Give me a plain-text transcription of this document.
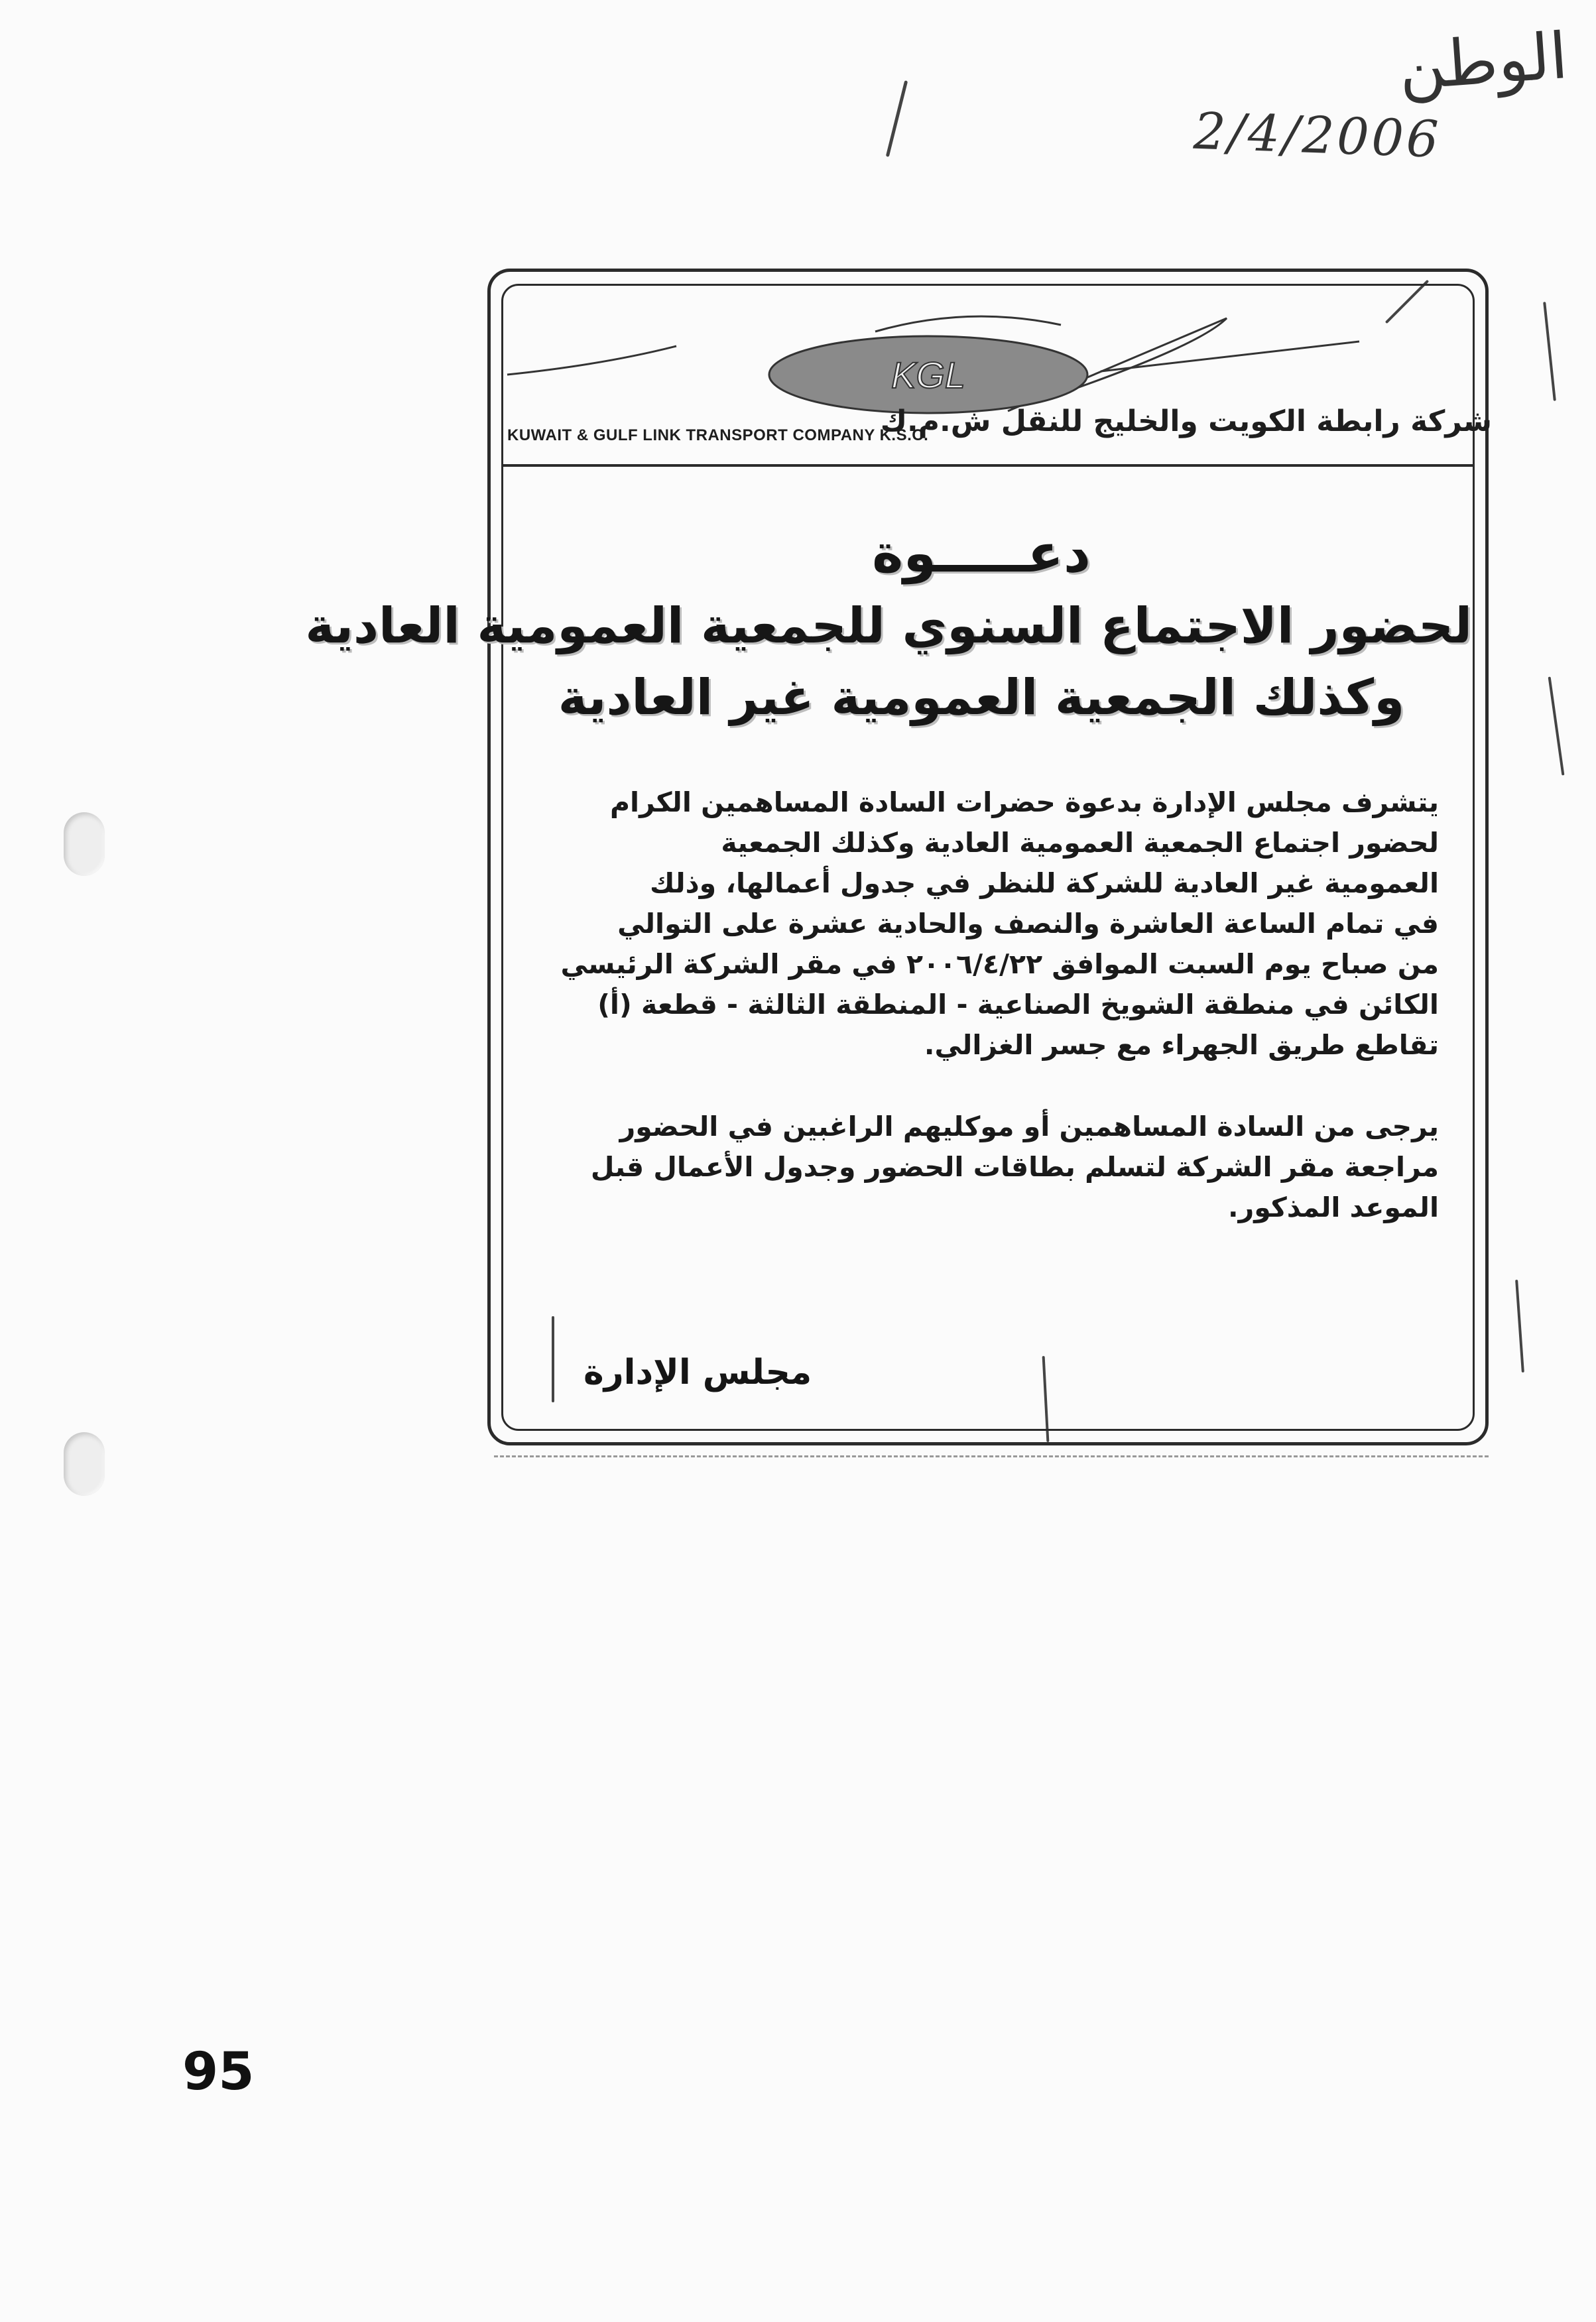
الوطن
2/4/2006
KGL
KUWAIT & GULF LINK TRANSPORT COMPANY K.S.C.
شركة رابطة الكويت والخليج للنقل ش.م.ك
دعـــــوة
لحضور الاجتماع السنوي للجمعية العمومية العادية
وكذلك الجمعية العمومية غير العادية

يتشرف مجلس الإدارة بدعوة حضرات السادة المساهمين الكرام

لحضور اجتماع الجمعية العمومية العادية وكذلك الجمعية

العمومية غير العادية للشركة للنظر في جدول أعمالها، وذلك

في تمام الساعة العاشرة والنصف والحادية عشرة على التوالي

من صباح يوم السبت الموافق ٢٠٠٦/٤/٢٢ في مقر الشركة الرئيسي

الكائن في منطقة الشويخ الصناعية - المنطقة الثالثة - قطعة (أ)

تقاطع طريق الجهراء مع جسر الغزالي.

يرجى من السادة المساهمين أو موكليهم الراغبين في الحضور

مراجعة مقر الشركة لتسلم بطاقات الحضور وجدول الأعمال قبل

الموعد المذكور.

مجلس الإدارة
95
